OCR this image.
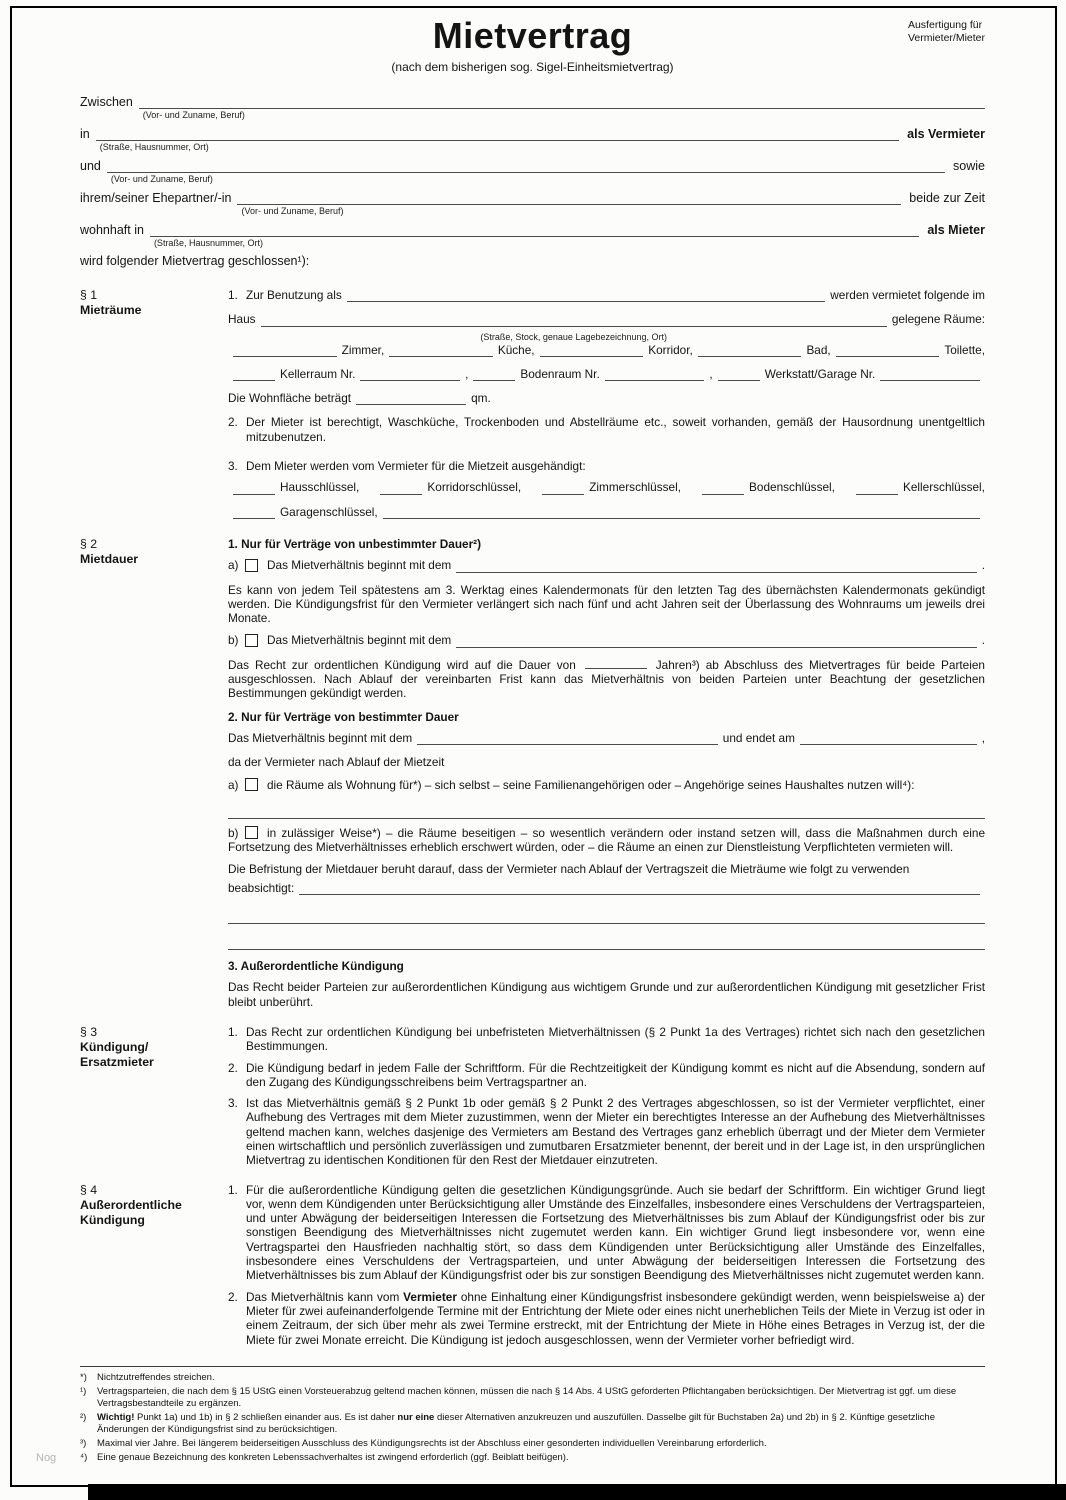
Nog
Ausfertigung für
Vermieter/Mieter
Mietvertrag
(nach dem bisherigen sog. Sigel-Einheitsmietvertrag)
Zwischen
(Vor- und Zuname, Beruf)
in
(Straße, Hausnummer, Ort)
als Vermieter
und
(Vor- und Zuname, Beruf)
sowie
ihrem/seiner Ehepartner/-in
(Vor- und Zuname, Beruf)
beide zur Zeit
wohnhaft in
(Straße, Hausnummer, Ort)
als Mieter
wird folgender Mietvertrag geschlossen¹):
§ 1
Mieträume
1. Zur Benutzung als	werden vermietet folgende im
Haus
(Straße, Stock, genaue Lagebezeichnung, Ort)
gelegene Räume:
Zimmer,	Küche,	Korridor,	Bad,	Toilette,
Kellerraum Nr.	,	Bodenraum Nr.	,	Werkstatt/Garage Nr.
Die Wohnfläche beträgt	qm.
2. Der Mieter ist berechtigt, Waschküche, Trockenboden und Abstellräume etc., soweit vorhanden, gemäß der Hausordnung unentgeltlich mitzubenutzen.

3. Dem Mieter werden vom Vermieter für die Mietzeit ausgehändigt:

Hausschlüssel,	Korridorschlüssel,	Zimmerschlüssel,	Bodenschlüssel,	Kellerschlüssel,
Garagenschlüssel,
§ 2
Mietdauer
1. Nur für Verträge von unbestimmter Dauer²)
a)	Das Mietverhältnis beginnt mit dem	.

Es kann von jedem Teil spätestens am 3. Werktag eines Kalendermonats für den letzten Tag des übernächsten Kalendermonats gekündigt werden. Die Kündigungsfrist für den Vermieter verlängert sich nach fünf und acht Jahren seit der Überlassung des Wohnraums um jeweils drei Monate.

b)	Das Mietverhältnis beginnt mit dem	.

Das Recht zur ordentlichen Kündigung wird auf die Dauer von	Jahren³) ab Abschluss des Mietvertrages für beide Parteien ausgeschlossen. Nach Ablauf der vereinbarten Frist kann das Mietverhältnis von beiden Parteien unter Beachtung der gesetzlichen Bestimmungen gekündigt werden.

2. Nur für Verträge von bestimmter Dauer
Das Mietverhältnis beginnt mit dem	und endet am	,

da der Vermieter nach Ablauf der Mietzeit

a) die Räume als Wohnung für*) – sich selbst – seine Familienangehörigen oder – Angehörige seines Haushaltes nutzen will⁴):

b) in zulässiger Weise*) – die Räume beseitigen – so wesentlich verändern oder instand setzen will, dass die Maßnahmen durch eine Fortsetzung des Mietverhältnisses erheblich erschwert würden, oder – die Räume an einen zur Dienstleistung Verpflichteten vermieten will.

Die Befristung der Mietdauer beruht darauf, dass der Vermieter nach Ablauf der Vertragszeit die Mieträume wie folgt zu verwenden

beabsichtigt:
3. Außerordentliche Kündigung

Das Recht beider Parteien zur außerordentlichen Kündigung aus wichtigem Grunde und zur außerordentlichen Kündigung mit gesetzlicher Frist bleibt unberührt.

§ 3
Kündigung/
Ersatzmieter
1. Das Recht zur ordentlichen Kündigung bei unbefristeten Mietverhältnissen (§ 2 Punkt 1a des Vertrages) richtet sich nach den gesetzlichen Bestimmungen.

2. Die Kündigung bedarf in jedem Falle der Schriftform. Für die Rechtzeitigkeit der Kündigung kommt es nicht auf die Absendung, sondern auf den Zugang des Kündigungsschreibens beim Vertragspartner an.

3. Ist das Mietverhältnis gemäß § 2 Punkt 1b oder gemäß § 2 Punkt 2 des Vertrages abgeschlossen, so ist der Vermieter verpflichtet, einer Aufhebung des Vertrages mit dem Mieter zuzustimmen, wenn der Mieter ein berechtigtes Interesse an der Aufhebung des Mietverhältnisses geltend machen kann, welches dasjenige des Vermieters am Bestand des Vertrages ganz erheblich überragt und der Mieter dem Vermieter einen wirtschaftlich und persönlich zuverlässigen und zumutbaren Ersatzmieter benennt, der bereit und in der Lage ist, in den ursprünglichen Mietvertrag zu identischen Konditionen für den Rest der Mietdauer einzutreten.

§ 4
Außerordentliche
Kündigung
1. Für die außerordentliche Kündigung gelten die gesetzlichen Kündigungsgründe. Auch sie bedarf der Schriftform. Ein wichtiger Grund liegt vor, wenn dem Kündigenden unter Berücksichtigung aller Umstände des Einzelfalles, insbesondere eines Verschuldens der Vertragsparteien, und unter Abwägung der beiderseitigen Interessen die Fortsetzung des Mietverhältnisses bis zum Ablauf der Kündigungsfrist oder bis zur sonstigen Beendigung des Mietverhältnisses nicht zugemutet werden kann. Ein wichtiger Grund liegt insbesondere vor, wenn eine Vertragspartei den Hausfrieden nachhaltig stört, so dass dem Kündigenden unter Berücksichtigung aller Umstände des Einzelfalles, insbesondere eines Verschuldens der Vertragsparteien, und unter Abwägung der beiderseitigen Interessen die Fortsetzung des Mietverhältnisses bis zum Ablauf der Kündigungsfrist oder bis zur sonstigen Beendigung des Mietverhältnisses nicht zugemutet werden kann.

2. Das Mietverhältnis kann vom Vermieter ohne Einhaltung einer Kündigungsfrist insbesondere gekündigt werden, wenn beispielsweise a) der Mieter für zwei aufeinanderfolgende Termine mit der Entrichtung der Miete oder eines nicht unerheblichen Teils der Miete in Verzug ist oder in einem Zeitraum, der sich über mehr als zwei Termine erstreckt, mit der Entrichtung der Miete in Höhe eines Betrages in Verzug ist, der die Miete für zwei Monate erreicht. Die Kündigung ist jedoch ausgeschlossen, wenn der Vermieter vorher befriedigt wird.

*)	Nichtzutreffendes streichen.

¹)	Vertragsparteien, die nach dem § 15 UStG einen Vorsteuerabzug geltend machen können, müssen die nach § 14 Abs. 4 UStG geforderten Pflichtangaben berücksichtigen. Der Mietvertrag ist ggf. um diese Vertragsbestandteile zu ergänzen.

²)	Wichtig! Punkt 1a) und 1b) in § 2 schließen einander aus. Es ist daher nur eine dieser Alternativen anzukreuzen und auszufüllen. Dasselbe gilt für Buchstaben 2a) und 2b) in § 2. Künftige gesetzliche Änderungen der Kündigungsfrist sind zu berücksichtigen.

³)	Maximal vier Jahre. Bei längerem beiderseitigen Ausschluss des Kündigungsrechts ist der Abschluss einer gesonderten individuellen Vereinbarung erforderlich.

⁴)	Eine genaue Bezeichnung des konkreten Lebenssachverhaltes ist zwingend erforderlich (ggf. Beiblatt beifügen).
